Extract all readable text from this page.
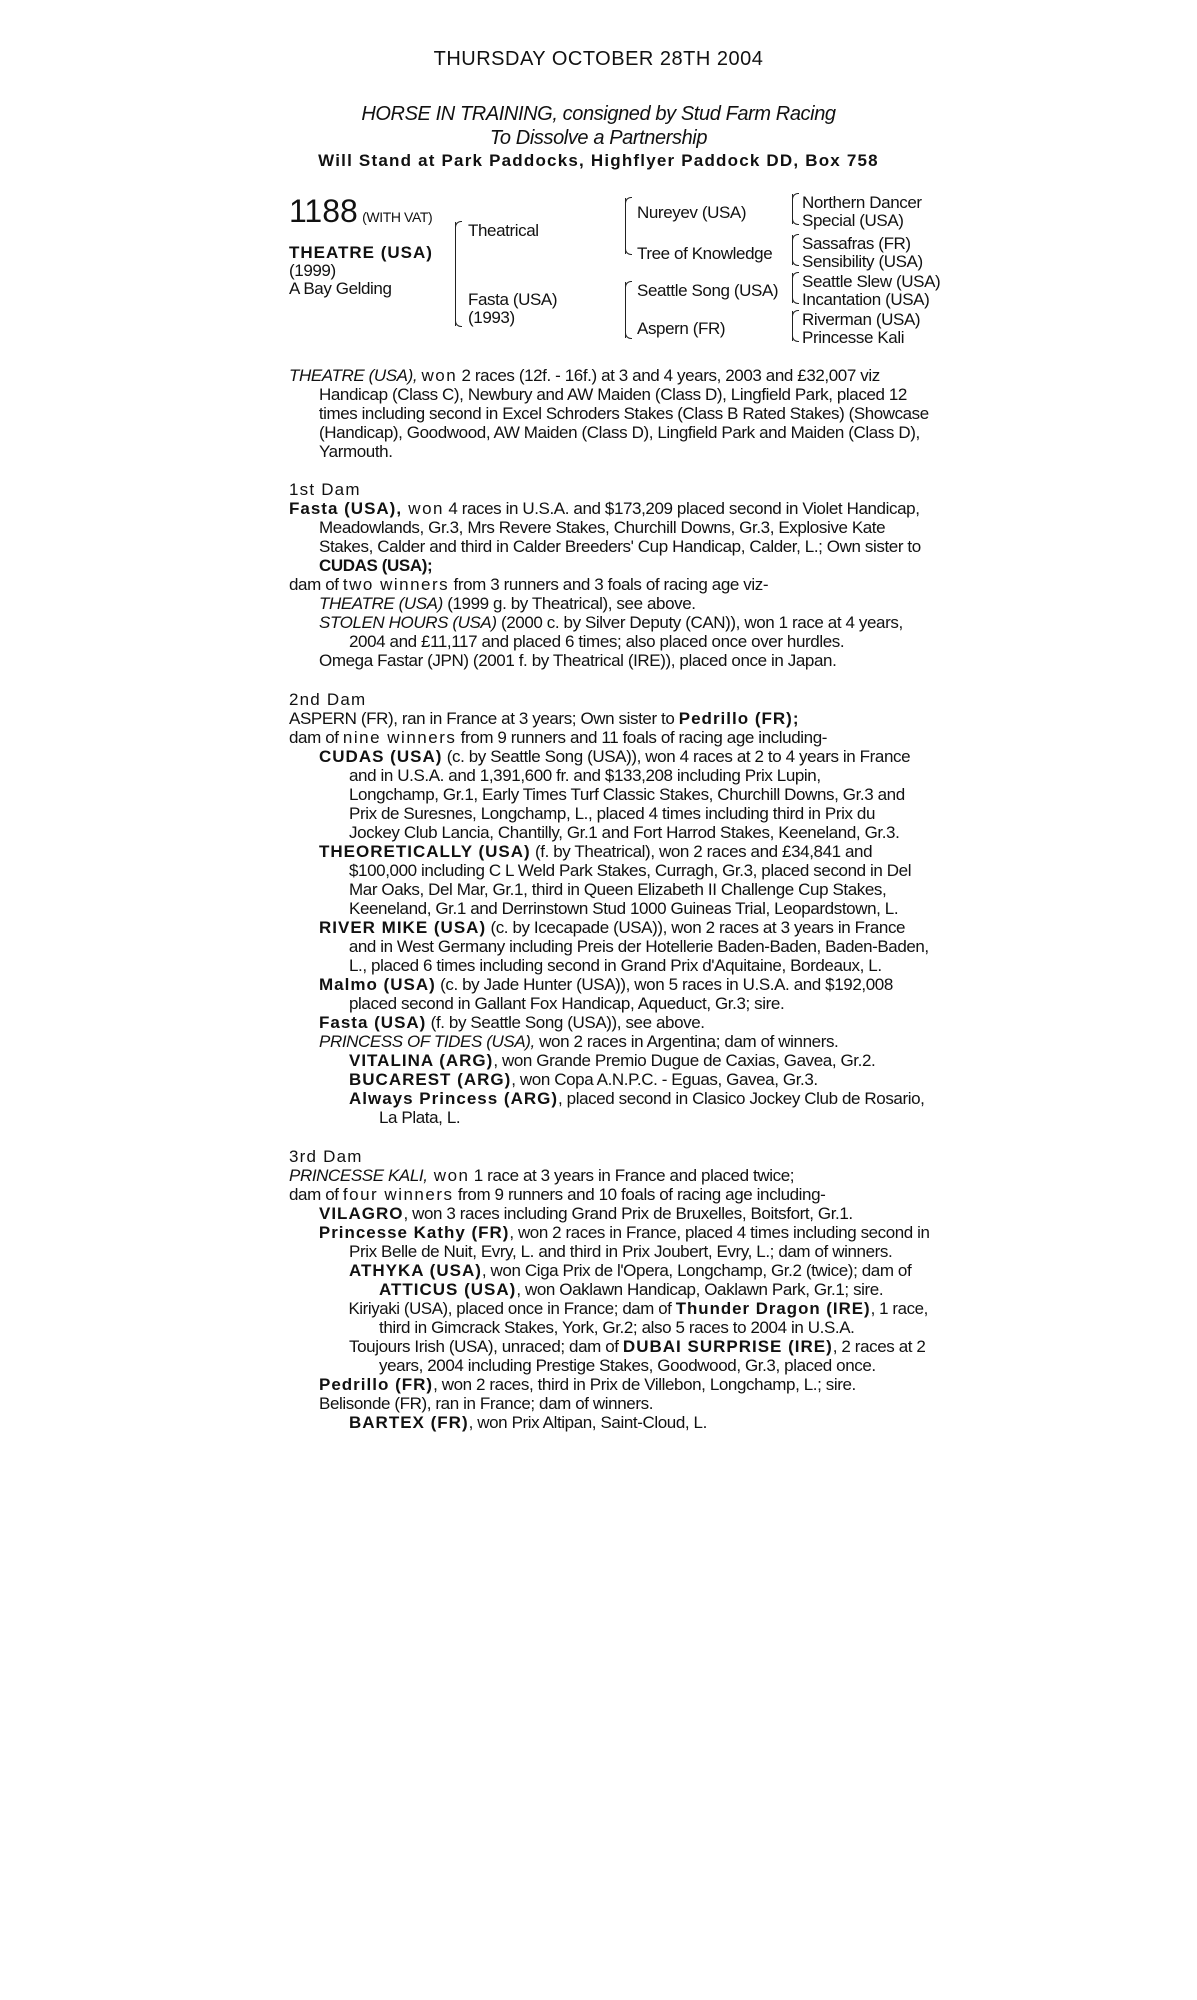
THURSDAY OCTOBER 28TH 2004
HORSE IN TRAINING, consigned by Stud Farm Racing
To Dissolve a Partnership
Will Stand at Park Paddocks, Highflyer Paddock DD, Box 758
1188 (WITH VAT)
THEATRE (USA)
(1999)
A Bay Gelding
Theatrical
Fasta (USA)
(1993)
Nureyev (USA)
Tree of Knowledge
Seattle Song (USA)
Aspern (FR)
Northern Dancer
Special (USA)
Sassafras (FR)
Sensibility (USA)
Seattle Slew (USA)
Incantation (USA)
Riverman (USA)
Princesse Kali
THEATRE (USA), won 2 races (12f. - 16f.) at 3 and 4 years, 2003 and £32,007 viz
Handicap (Class C), Newbury and AW Maiden (Class D), Lingfield Park, placed 12
times including second in Excel Schroders Stakes (Class B Rated Stakes) (Showcase
(Handicap), Goodwood, AW Maiden (Class D), Lingfield Park and Maiden (Class D),
Yarmouth.
1st Dam
Fasta (USA), won 4 races in U.S.A. and $173,209 placed second in Violet Handicap,
Meadowlands, Gr.3, Mrs Revere Stakes, Churchill Downs, Gr.3, Explosive Kate
Stakes, Calder and third in Calder Breeders' Cup Handicap, Calder, L.; Own sister to
CUDAS (USA);
dam of two winners from 3 runners and 3 foals of racing age viz-
THEATRE (USA) (1999 g. by Theatrical), see above.
STOLEN HOURS (USA) (2000 c. by Silver Deputy (CAN)), won 1 race at 4 years,
2004 and £11,117 and placed 6 times; also placed once over hurdles.
Omega Fastar (JPN) (2001 f. by Theatrical (IRE)), placed once in Japan.
2nd Dam
ASPERN (FR), ran in France at 3 years; Own sister to Pedrillo (FR);
dam of nine winners from 9 runners and 11 foals of racing age including-
CUDAS (USA) (c. by Seattle Song (USA)), won 4 races at 2 to 4 years in France
and in U.S.A. and 1,391,600 fr. and $133,208 including Prix Lupin,
Longchamp, Gr.1, Early Times Turf Classic Stakes, Churchill Downs, Gr.3 and
Prix de Suresnes, Longchamp, L., placed 4 times including third in Prix du
Jockey Club Lancia, Chantilly, Gr.1 and Fort Harrod Stakes, Keeneland, Gr.3.
THEORETICALLY (USA) (f. by Theatrical), won 2 races and £34,841 and
$100,000 including C L Weld Park Stakes, Curragh, Gr.3, placed second in Del
Mar Oaks, Del Mar, Gr.1, third in Queen Elizabeth II Challenge Cup Stakes,
Keeneland, Gr.1 and Derrinstown Stud 1000 Guineas Trial, Leopardstown, L.
RIVER MIKE (USA) (c. by Icecapade (USA)), won 2 races at 3 years in France
and in West Germany including Preis der Hotellerie Baden-Baden, Baden-Baden,
L., placed 6 times including second in Grand Prix d'Aquitaine, Bordeaux, L.
Malmo (USA) (c. by Jade Hunter (USA)), won 5 races in U.S.A. and $192,008
placed second in Gallant Fox Handicap, Aqueduct, Gr.3; sire.
Fasta (USA) (f. by Seattle Song (USA)), see above.
PRINCESS OF TIDES (USA), won 2 races in Argentina; dam of winners.
VITALINA (ARG), won Grande Premio Dugue de Caxias, Gavea, Gr.2.
BUCAREST (ARG), won Copa A.N.P.C. - Eguas, Gavea, Gr.3.
Always Princess (ARG), placed second in Clasico Jockey Club de Rosario,
La Plata, L.
3rd Dam
PRINCESSE KALI, won 1 race at 3 years in France and placed twice;
dam of four winners from 9 runners and 10 foals of racing age including-
VILAGRO, won 3 races including Grand Prix de Bruxelles, Boitsfort, Gr.1.
Princesse Kathy (FR), won 2 races in France, placed 4 times including second in
Prix Belle de Nuit, Evry, L. and third in Prix Joubert, Evry, L.; dam of winners.
ATHYKA (USA), won Ciga Prix de l'Opera, Longchamp, Gr.2 (twice); dam of
ATTICUS (USA), won Oaklawn Handicap, Oaklawn Park, Gr.1; sire.
Kiriyaki (USA), placed once in France; dam of Thunder Dragon (IRE), 1 race,
third in Gimcrack Stakes, York, Gr.2; also 5 races to 2004 in U.S.A.
Toujours Irish (USA), unraced; dam of DUBAI SURPRISE (IRE), 2 races at 2
years, 2004 including Prestige Stakes, Goodwood, Gr.3, placed once.
Pedrillo (FR), won 2 races, third in Prix de Villebon, Longchamp, L.; sire.
Belisonde (FR), ran in France; dam of winners.
BARTEX (FR), won Prix Altipan, Saint-Cloud, L.
